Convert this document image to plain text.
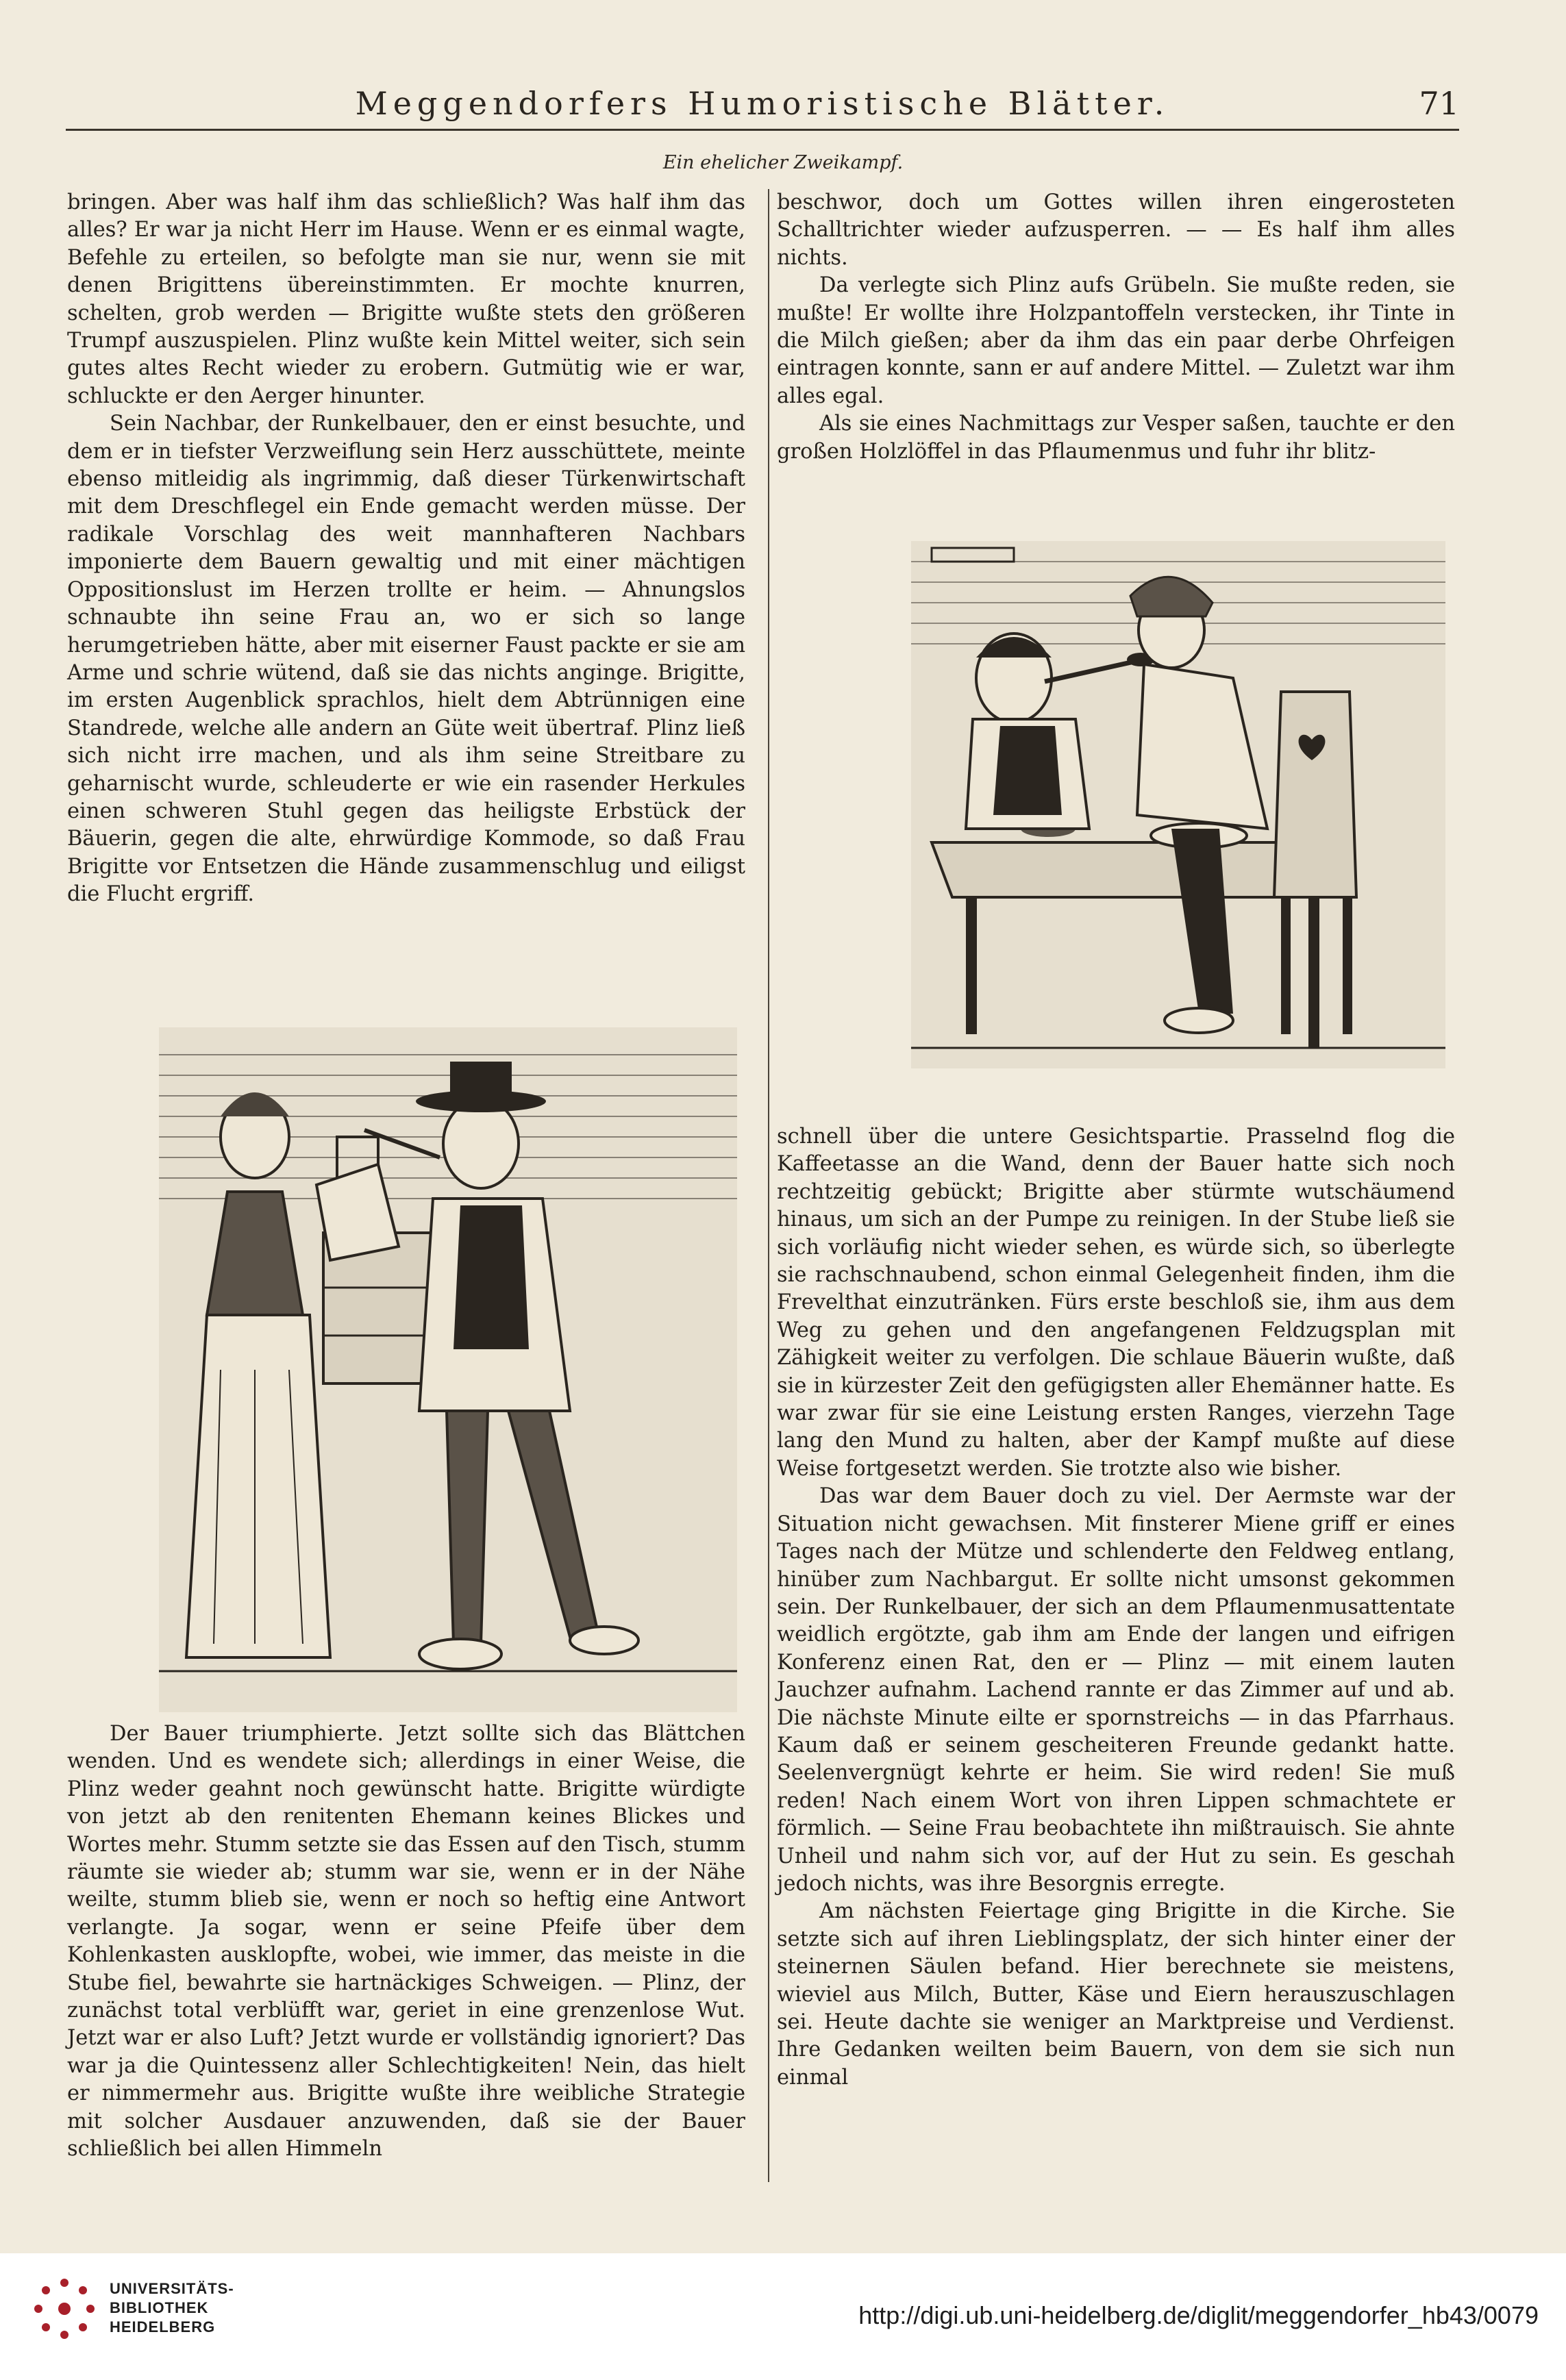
Meggendorfers Humoristische Blätter.	71
Ein ehelicher Zweikampf.

bringen. Aber was half ihm das schließlich? Was half ihm das alles? Er war ja nicht Herr im Hause. Wenn er es einmal wagte, Befehle zu erteilen, so befolgte man sie nur, wenn sie mit denen Brigittens übereinstimmten. Er mochte knurren, schelten, grob werden — Brigitte wußte stets den größeren Trumpf auszuspielen. Plinz wußte kein Mittel weiter, sich sein gutes altes Recht wieder zu erobern. Gutmütig wie er war, schluckte er den Aerger hinunter.

Sein Nachbar, der Runkelbauer, den er einst besuchte, und dem er in tiefster Verzweiflung sein Herz ausschüttete, meinte ebenso mitleidig als ingrimmig, daß dieser Türkenwirtschaft mit dem Dreschflegel ein Ende gemacht werden müsse. Der radikale Vorschlag des weit mannhafteren Nachbars imponierte dem Bauern gewaltig und mit einer mächtigen Oppositionslust im Herzen trollte er heim. — Ahnungslos schnaubte ihn seine Frau an, wo er sich so lange herumgetrieben hätte, aber mit eiserner Faust packte er sie am Arme und schrie wütend, daß sie das nichts anginge. Brigitte, im ersten Augenblick sprachlos, hielt dem Abtrünnigen eine Standrede, welche alle andern an Güte weit übertraf. Plinz ließ sich nicht irre machen, und als ihm seine Streitbare zu geharnischt wurde, schleuderte er wie ein rasender Herkules einen schweren Stuhl gegen das heiligste Erbstück der Bäuerin, gegen die alte, ehrwürdige Kommode, so daß Frau Brigitte vor Entsetzen die Hände zusammenschlug und eiligst die Flucht ergriff.

Der Bauer triumphierte. Jetzt sollte sich das Blättchen wenden. Und es wendete sich; allerdings in einer Weise, die Plinz weder geahnt noch gewünscht hatte. Brigitte würdigte von jetzt ab den renitenten Ehemann keines Blickes und Wortes mehr. Stumm setzte sie das Essen auf den Tisch, stumm räumte sie wieder ab; stumm war sie, wenn er in der Nähe weilte, stumm blieb sie, wenn er noch so heftig eine Antwort verlangte. Ja sogar, wenn er seine Pfeife über dem Kohlenkasten ausklopfte, wobei, wie immer, das meiste in die Stube fiel, bewahrte sie hartnäckiges Schweigen. — Plinz, der zunächst total verblüfft war, geriet in eine grenzenlose Wut. Jetzt war er also Luft? Jetzt wurde er vollständig ignoriert? Das war ja die Quintessenz aller Schlechtigkeiten! Nein, das hielt er nimmermehr aus. Brigitte wußte ihre weibliche Strategie mit solcher Ausdauer anzuwenden, daß sie der Bauer schließlich bei allen Himmeln

beschwor, doch um Gottes willen ihren eingerosteten Schalltrichter wieder aufzusperren. — — Es half ihm alles nichts.

Da verlegte sich Plinz aufs Grübeln. Sie mußte reden, sie mußte! Er wollte ihre Holzpantoffeln verstecken, ihr Tinte in die Milch gießen; aber da ihm das ein paar derbe Ohrfeigen eintragen konnte, sann er auf andere Mittel. — Zuletzt war ihm alles egal.

Als sie eines Nachmittags zur Vesper saßen, tauchte er den großen Holzlöffel in das Pflaumenmus und fuhr ihr blitz-

schnell über die untere Gesichtspartie. Prasselnd flog die Kaffeetasse an die Wand, denn der Bauer hatte sich noch rechtzeitig gebückt; Brigitte aber stürmte wutschäumend hinaus, um sich an der Pumpe zu reinigen. In der Stube ließ sie sich vorläufig nicht wieder sehen, es würde sich, so überlegte sie rachschnaubend, schon einmal Gelegenheit finden, ihm die Frevelthat einzutränken. Fürs erste beschloß sie, ihm aus dem Weg zu gehen und den angefangenen Feldzugsplan mit Zähigkeit weiter zu verfolgen. Die schlaue Bäuerin wußte, daß sie in kürzester Zeit den gefügigsten aller Ehemänner hatte. Es war zwar für sie eine Leistung ersten Ranges, vierzehn Tage lang den Mund zu halten, aber der Kampf mußte auf diese Weise fortgesetzt werden. Sie trotzte also wie bisher.

Das war dem Bauer doch zu viel. Der Aermste war der Situation nicht gewachsen. Mit finsterer Miene griff er eines Tages nach der Mütze und schlenderte den Feldweg entlang, hinüber zum Nachbargut. Er sollte nicht umsonst gekommen sein. Der Runkelbauer, der sich an dem Pflaumenmusattentate weidlich ergötzte, gab ihm am Ende der langen und eifrigen Konferenz einen Rat, den er — Plinz — mit einem lauten Jauchzer aufnahm. Lachend rannte er das Zimmer auf und ab. Die nächste Minute eilte er spornstreichs — in das Pfarrhaus. Kaum daß er seinem gescheiteren Freunde gedankt hatte. Seelenvergnügt kehrte er heim. Sie wird reden! Sie muß reden! Nach einem Wort von ihren Lippen schmachtete er förmlich. — Seine Frau beobachtete ihn mißtrauisch. Sie ahnte Unheil und nahm sich vor, auf der Hut zu sein. Es geschah jedoch nichts, was ihre Besorgnis erregte.

Am nächsten Feiertage ging Brigitte in die Kirche. Sie setzte sich auf ihren Lieblingsplatz, der sich hinter einer der steinernen Säulen befand. Hier berechnete sie meistens, wieviel aus Milch, Butter, Käse und Eiern herauszuschlagen sei. Heute dachte sie weniger an Marktpreise und Verdienst. Ihre Gedanken weilten beim Bauern, von dem sie sich nun einmal

UNIVERSITÄTS-
BIBLIOTHEK
HEIDELBERG	http://digi.ub.uni-heidelberg.de/diglit/meggendorfer_hb43/0079
